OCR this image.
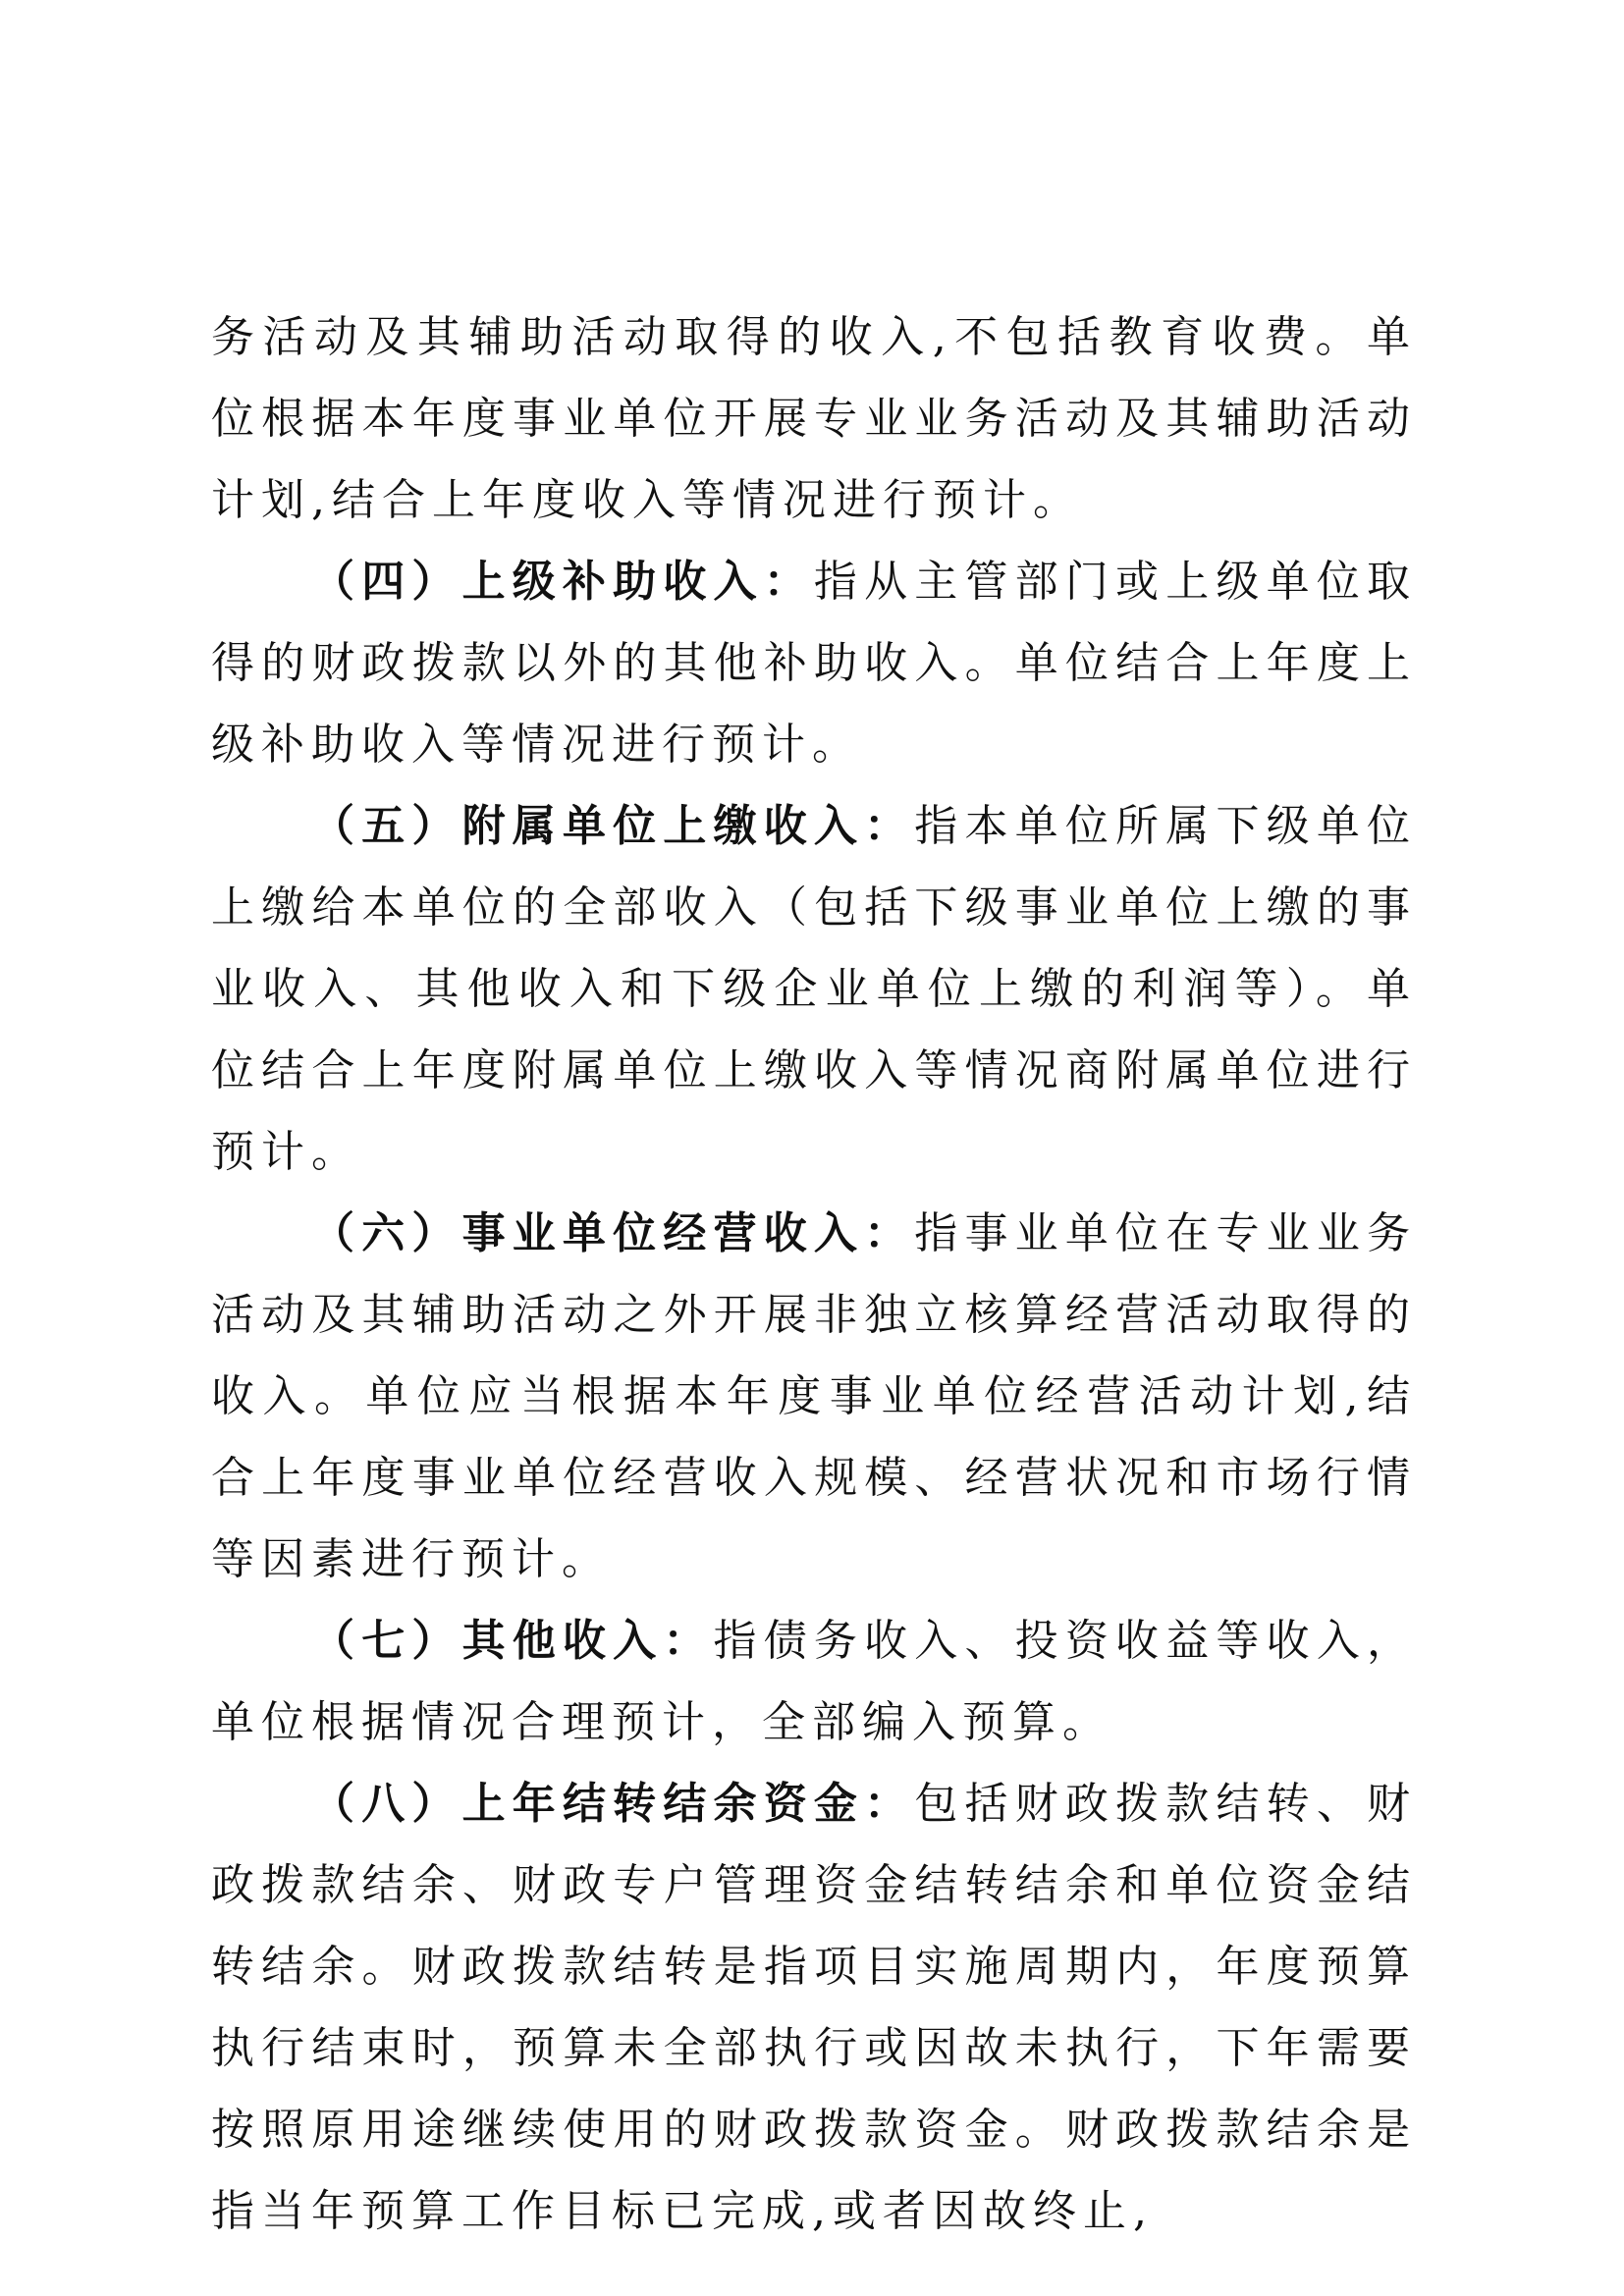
务活动及其辅助活动取得的收入,不包括教育收费。单位根据本年度事业单位开展专业业务活动及其辅助活动计划,结合上年度收入等情况进行预计。

（四）上级补助收入：指从主管部门或上级单位取得的财政拨款以外的其他补助收入。单位结合上年度上级补助收入等情况进行预计。

（五）附属单位上缴收入：指本单位所属下级单位上缴给本单位的全部收入（包括下级事业单位上缴的事业收入、其他收入和下级企业单位上缴的利润等）。单位结合上年度附属单位上缴收入等情况商附属单位进行预计。

（六）事业单位经营收入：指事业单位在专业业务活动及其辅助活动之外开展非独立核算经营活动取得的收入。单位应当根据本年度事业单位经营活动计划,结合上年度事业单位经营收入规模、经营状况和市场行情等因素进行预计。

（七）其他收入：指债务收入、投资收益等收入，单位根据情况合理预计，全部编入预算。

（八）上年结转结余资金：包括财政拨款结转、财政拨款结余、财政专户管理资金结转结余和单位资金结转结余。财政拨款结转是指项目实施周期内，年度预算执行结束时，预算未全部执行或因故未执行，下年需要按照原用途继续使用的财政拨款资金。财政拨款结余是指当年预算工作目标已完成,或者因故终止,
